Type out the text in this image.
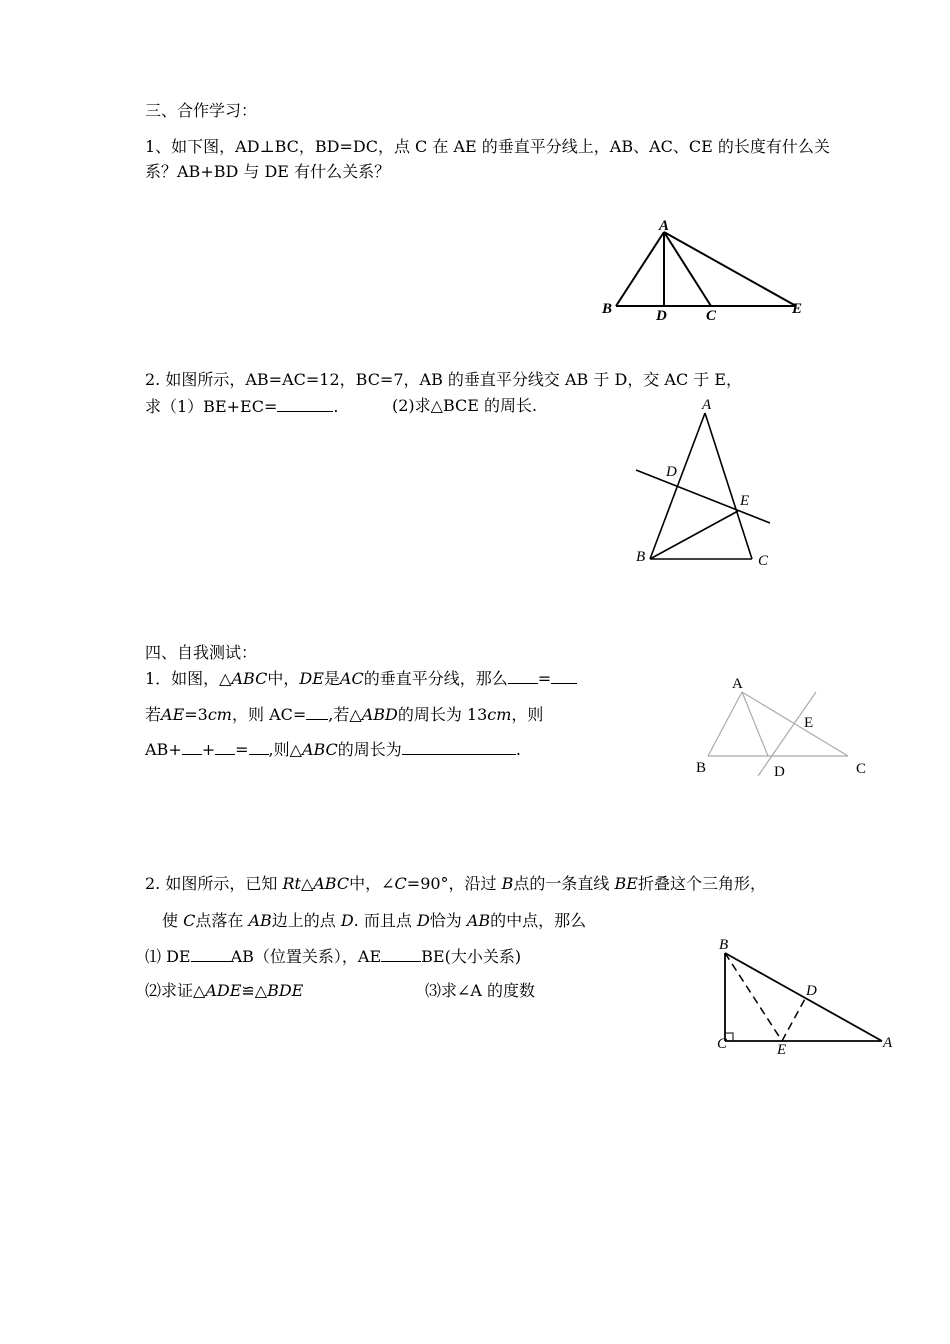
三、合作学习：
1、如下图，AD⊥BC，BD=DC，点 C 在 AE 的垂直平分线上，AB、AC、CE 的长度有什么关
系？AB+BD 与 DE 有什么关系？
A
B	D	C	E
2. 如图所示，AB=AC=12，BC=7，AB 的垂直平分线交 AB 于 D，交 AC 于 E，
求（1）BE+EC=	.	(2)求△BCE 的周长.	A
D
E
B	C
四、自我测试：
1．如图，△ABC中，DE是AC的垂直平分线，那么 =
若AE=3cm，则 AC= ,若△ABD的周长为 13cm，则
AB+ + = ,则△ABC的周长为	.
A
E
B	D	C
2. 如图所示，已知 Rt△ABC中，∠C=90°，沿过 B点的一条直线 BE折叠这个三角形，
使 C点落在 AB边上的点 D. 而且点 D恰为 AB的中点，那么
⑴ DE	AB（位置关系），AE	BE(大小关系)
⑵求证△ADE≌△BDE	⑶求∠A 的度数
B
D
C	E	A
